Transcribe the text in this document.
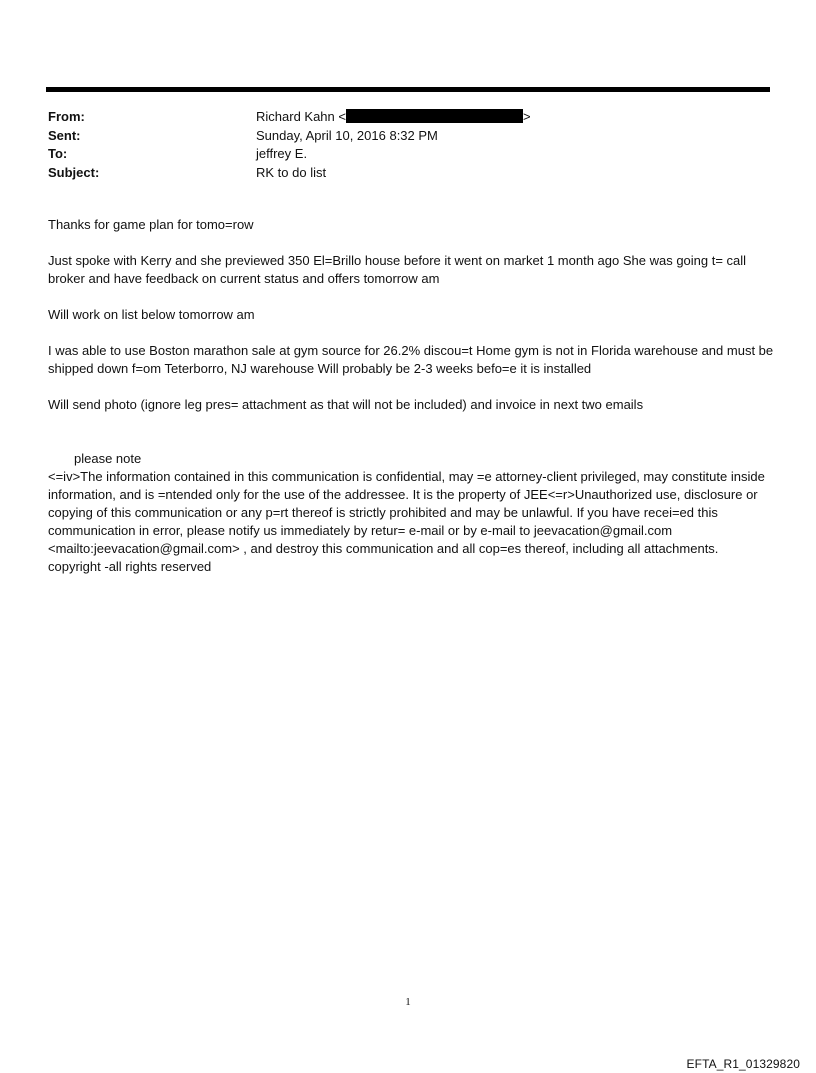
From:	Richard Kahn <	>
Sent:	Sunday, April 10, 2016 8:32 PM
To:	jeffrey E.
Subject:	RK to do list

Thanks for game plan for tomo=row

Just spoke with Kerry and she previewed 350 El=Brillo house before it went on market 1 month ago She was going t= call broker and have feedback on current status and offers tomorrow am

Will work on list below tomorrow am

I was able to use Boston marathon sale at gym source for 26.2% discou=t Home gym is not in Florida warehouse and must be shipped down f=om Teterborro, NJ warehouse Will probably be 2-3 weeks befo=e it is installed

Will send photo (ignore leg pres= attachment as that will not be included) and invoice in next two emails

please note

<=iv>The information contained in this communication is confidential, may =e attorney-client privileged, may constitute inside information, and is =ntended only for the use of the addressee. It is the property of JEE<=r>Unauthorized use, disclosure or copying of this communication or any p=rt thereof is strictly prohibited and may be unlawful. If you have recei=ed this communication in error, please notify us immediately by retur= e-mail or by e-mail to jeevacation@gmail.com <mailto:jeevacation@gmail.com> , and destroy this communication and all cop=es thereof, including all attachments. copyright -all rights reserved

1
EFTA_R1_01329820
